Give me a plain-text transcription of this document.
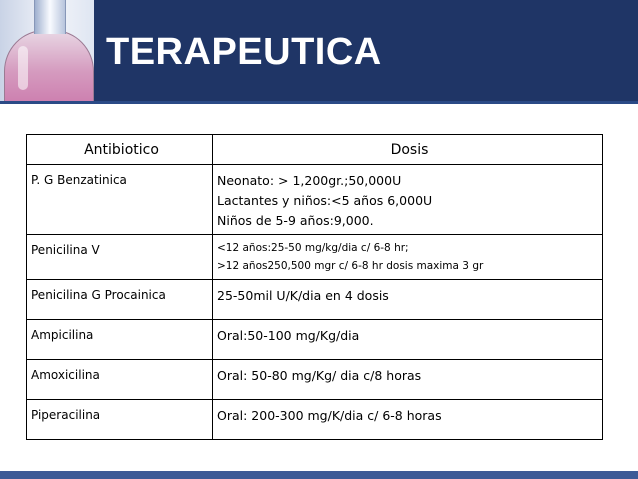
TERAPEUTICA
Antibiotico	Dosis
P. G Benzatinica	Neonato: > 1,200gr.;50,000U
Lactantes y niños:<5 años 6,000U
Niños de 5-9 años:9,000.

Penicilina V	<12 años:25-50 mg/kg/dia c/ 6-8 hr;
>12 años250,500 mgr c/ 6-8 hr dosis maxima 3 gr

Penicilina G Procainica	25-50mil U/K/dia en 4 dosis

Ampicilina	Oral:50-100 mg/Kg/dia

Amoxicilina	Oral: 50-80 mg/Kg/ dia c/8 horas

Piperacilina	Oral: 200-300 mg/K/dia c/ 6-8 horas
